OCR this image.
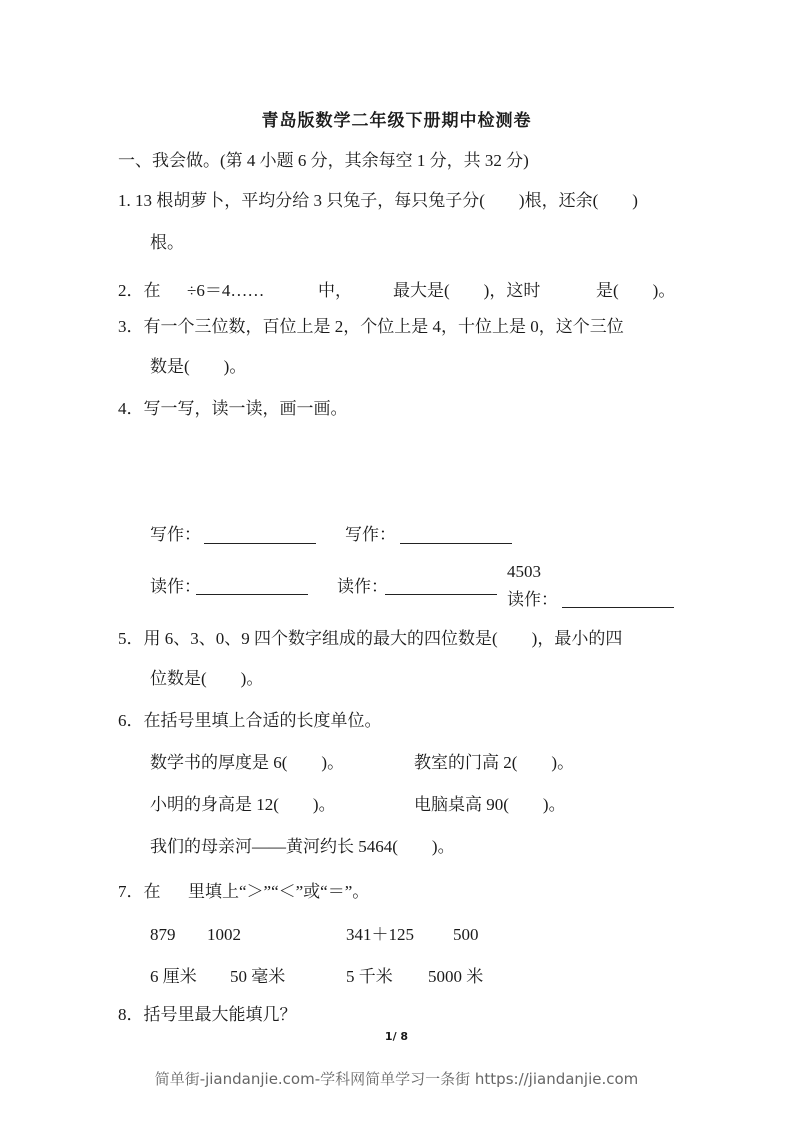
青岛版数学二年级下册期中检测卷
一、我会做。(第 4 小题 6 分，其余每空 1 分，共 32 分)
1. 13 根胡萝卜，平均分给 3 只兔子，每只兔子分(        )根，还余(        )
根。
2．在 ÷6＝4……	中， 最大是(        )，这时	是(        )。
3．有一个三位数，百位上是 2，个位上是 4，十位上是 0，这个三位
数是(        )。
4．写一写，读一读，画一画。
写作：	写作：
读作：	读作：
4503
读作：
5．用 6、3、0、9 四个数字组成的最大的四位数是(        )，最小的四
位数是(        )。
6．在括号里填上合适的长度单位。
数学书的厚度是 6(        )。	教室的门高 2(        )。
小明的身高是 12(        )。	电脑桌高 90(        )。
我们的母亲河——黄河约长 5464(        )。
7．在 里填上“＞”“＜”或“＝”。
879 1002	341＋125 500
6 厘米 50 毫米	5 千米 5000 米
8．括号里最大能填几？
1/ 8
简单街-jiandanjie.com-学科网简单学习一条街 https://jiandanjie.com
